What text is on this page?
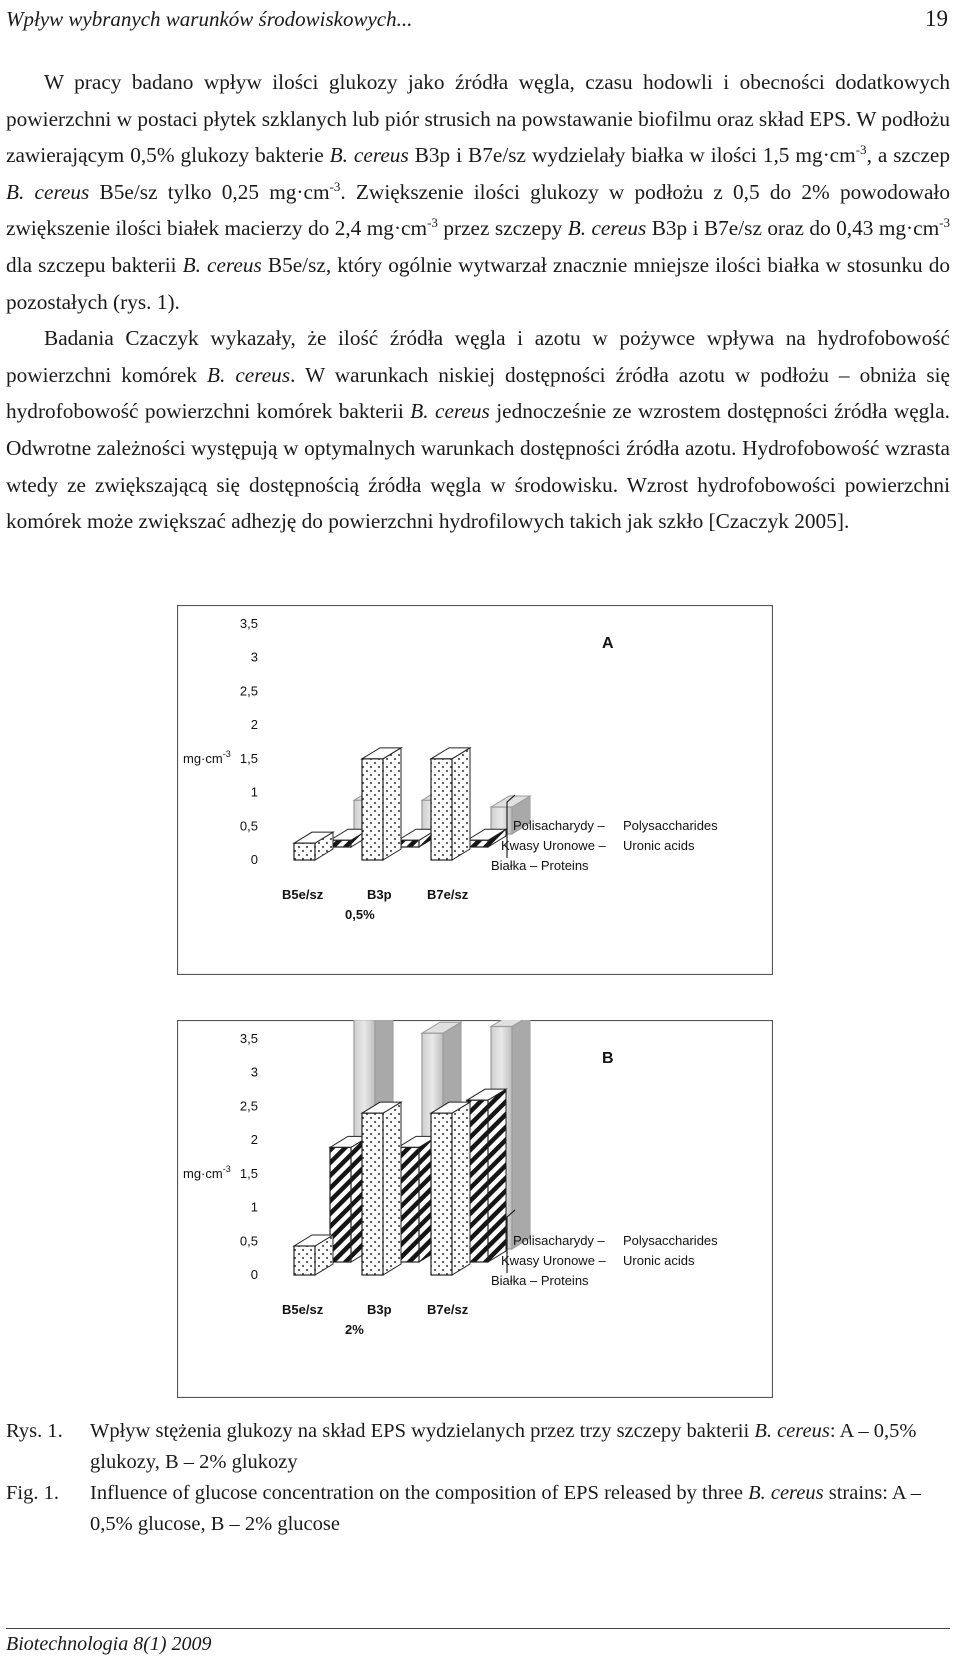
Wpływ wybranych warunków środowiskowych...	19

W pracy badano wpływ ilości glukozy jako źródła węgla, czasu hodowli i obecności dodatkowych powierzchni w postaci płytek szklanych lub piór strusich na powstawanie biofilmu oraz skład EPS. W podłożu zawierającym 0,5% glukozy bakterie B. cereus B3p i B7e/sz wydzielały białka w ilości 1,5 $mg\cdot cm^{-3}$, a szczep B. cereus B5e/sz tylko 0,25 $mg\cdot cm^{-3}$. Zwiększenie ilości glukozy w podłożu z 0,5 do 2% powodowało zwiększenie ilości białek macierzy do 2,4 $mg\cdot cm^{-3}$ przez szczepy B. cereus B3p i B7e/sz oraz do 0,43 $mg\cdot cm^{-3}$ dla szczepu bakterii B. cereus B5e/sz, który ogólnie wytwarzał znacznie mniejsze ilości białka w stosunku do pozostałych (rys. 1).

Badania Czaczyk wykazały, że ilość źródła węgla i azotu w pożywce wpływa na hydrofobowość powierzchni komórek B. cereus. W warunkach niskiej dostępności źródła azotu w podłożu – obniża się hydrofobowość powierzchni komórek bakterii B. cereus jednocześnie ze wzrostem dostępności źródła węgla. Odwrotne zależności występują w optymalnych warunkach dostępności źródła azotu. Hydrofobowość wzrasta wtedy ze zwiększającą się dostępnością źródła węgla w środowisku. Wzrost hydrofobowości powierzchni komórek może zwiększać adhezję do powierzchni hydrofilowych takich jak szkło [Czaczyk 2005].

0
0,5
1
1,5
2
2,5
3
3,5
$mg\cdot cm^{-3}$
A
B5e/sz	B3p	B7e/sz
0,5%
Polisacharydy – Polysaccharides
Kwasy Uronowe – Uronic acids
Białka – Proteins
0
0,5
1
1,5
2
2,5
3
3,5
$mg\cdot cm^{-3}$
B
B5e/sz	B3p	B7e/sz
2%
Polisacharydy – Polysaccharides
Kwasy Uronowe – Uronic acids
Białka – Proteins
Rys. 1.	Wpływ stężenia glukozy na skład EPS wydzielanych przez trzy szczepy bakterii B. cereus: A – 0,5% glukozy, B – 2% glukozy
Fig. 1.	Influence of glucose concentration on the composition of EPS released by three B. cereus strains: A – 0,5% glucose, B – 2% glucose
Biotechnologia 8(1) 2009
